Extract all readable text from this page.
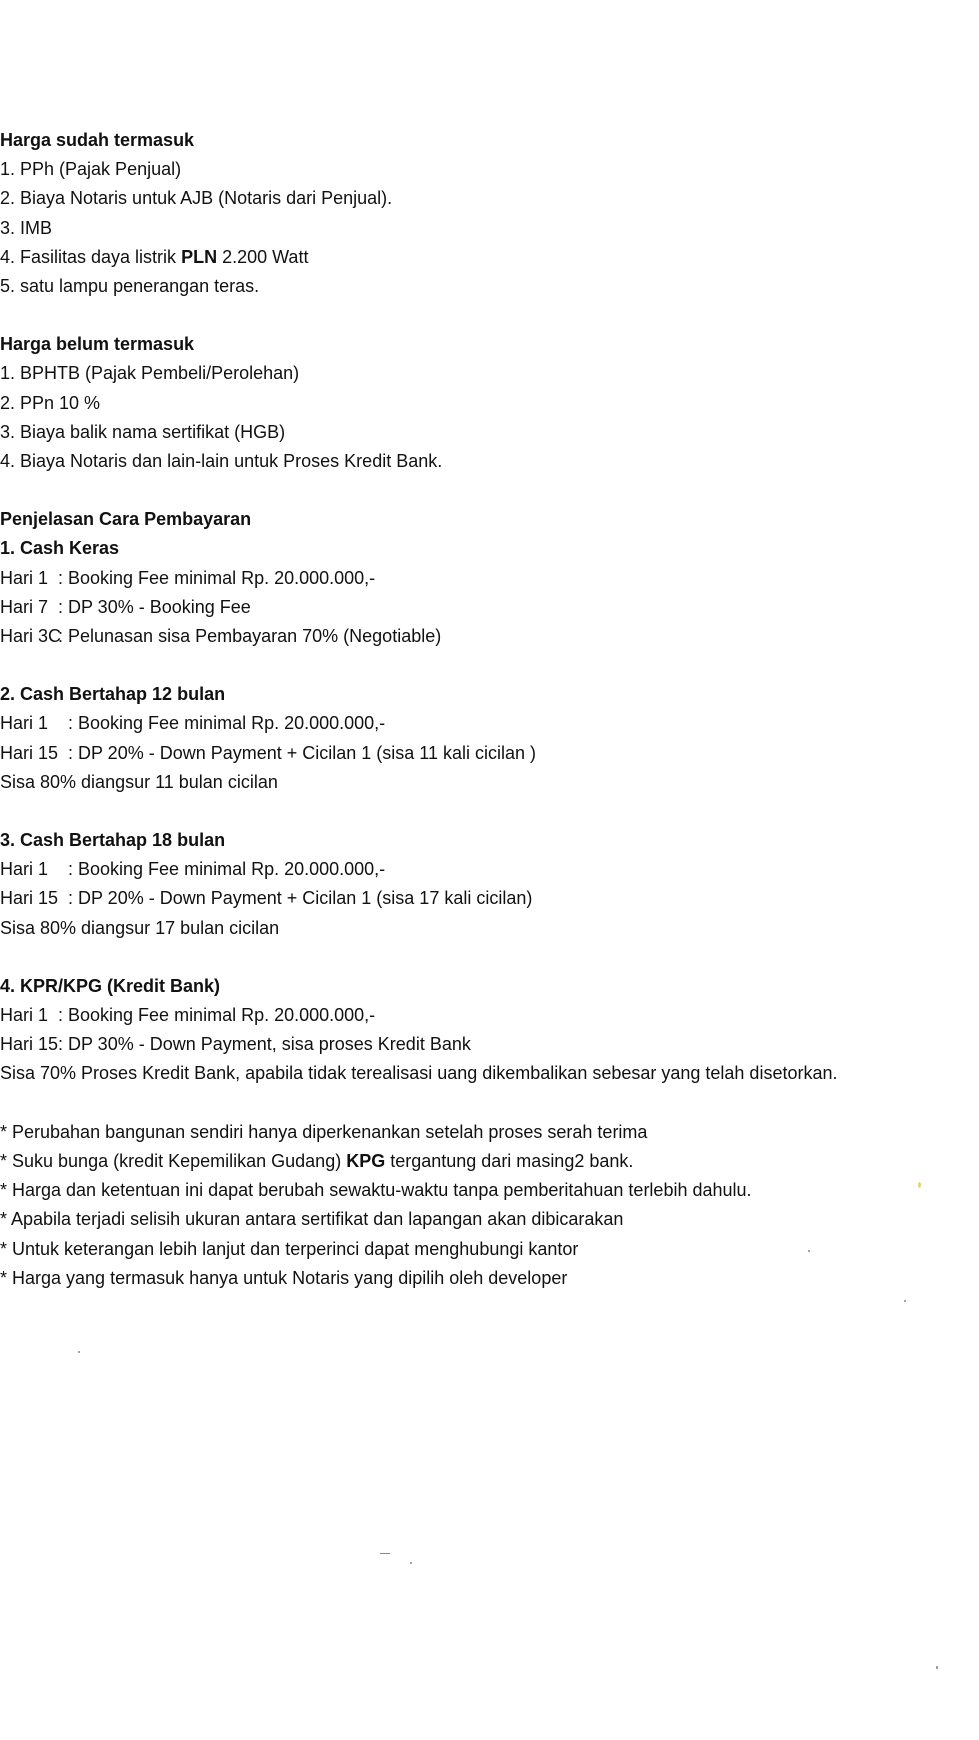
Harga sudah termasuk
1. PPh (Pajak Penjual)
2. Biaya Notaris untuk AJB (Notaris dari Penjual).
3. IMB
4. Fasilitas daya listrik PLN 2.200 Watt
5. satu lampu penerangan teras.
Harga belum termasuk
1. BPHTB (Pajak Pembeli/Perolehan)
2. PPn 10 %
3. Biaya balik nama sertifikat (HGB)
4. Biaya Notaris dan lain-lain untuk Proses Kredit Bank.
Penjelasan Cara Pembayaran
1. Cash Keras
Hari 1 : Booking Fee minimal Rp. 20.000.000,-
Hari 7 : DP 30% - Booking Fee
Hari 3C: Pelunasan sisa Pembayaran 70% (Negotiable)
2. Cash Bertahap 12 bulan
Hari 1 : Booking Fee minimal Rp. 20.000.000,-
Hari 15 : DP 20% - Down Payment + Cicilan 1 (sisa 11 kali cicilan )
Sisa 80% diangsur 11 bulan cicilan
3. Cash Bertahap 18 bulan
Hari 1 : Booking Fee minimal Rp. 20.000.000,-
Hari 15 : DP 20% - Down Payment + Cicilan 1 (sisa 17 kali cicilan)
Sisa 80% diangsur 17 bulan cicilan
4. KPR/KPG (Kredit Bank)
Hari 1 : Booking Fee minimal Rp. 20.000.000,-
Hari 15: DP 30% - Down Payment, sisa proses Kredit Bank
Sisa 70% Proses Kredit Bank, apabila tidak terealisasi uang dikembalikan sebesar yang telah disetorkan.
* Perubahan bangunan sendiri hanya diperkenankan setelah proses serah terima
* Suku bunga (kredit Kepemilikan Gudang) KPG tergantung dari masing2 bank.
* Harga dan ketentuan ini dapat berubah sewaktu-waktu tanpa pemberitahuan terlebih dahulu.
* Apabila terjadi selisih ukuran antara sertifikat dan lapangan akan dibicarakan
* Untuk keterangan lebih lanjut dan terperinci dapat menghubungi kantor
* Harga yang termasuk hanya untuk Notaris yang dipilih oleh developer
